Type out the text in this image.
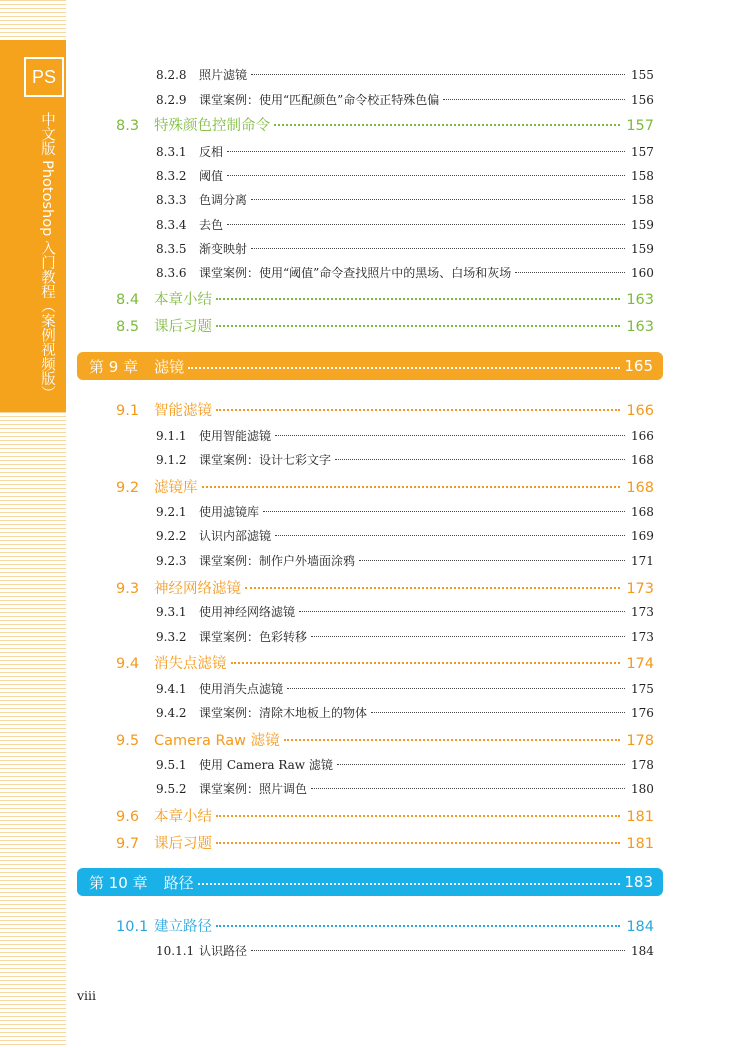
PS
中文版 Photoshop 入门教程（案例视频版）
8.2.8	照片滤镜	155
8.2.9	课堂案例：使用“匹配颜色”命令校正特殊色偏	156
8.3	特殊颜色控制命令	157
8.3.1	反相	157
8.3.2	阈值	158
8.3.3	色调分离	158
8.3.4	去色	159
8.3.5	渐变映射	159
8.3.6	课堂案例：使用“阈值”命令查找照片中的黑场、白场和灰场	160
8.4	本章小结	163
8.5	课后习题	163
第 9 章 滤镜	165
9.1	智能滤镜	166
9.1.1	使用智能滤镜	166
9.1.2	课堂案例：设计七彩文字	168
9.2	滤镜库	168
9.2.1	使用滤镜库	168
9.2.2	认识内部滤镜	169
9.2.3	课堂案例：制作户外墙面涂鸦	171
9.3	神经网络滤镜	173
9.3.1	使用神经网络滤镜	173
9.3.2	课堂案例：色彩转移	173
9.4	消失点滤镜	174
9.4.1	使用消失点滤镜	175
9.4.2	课堂案例：清除木地板上的物体	176
9.5	Camera Raw 滤镜	178
9.5.1	使用 Camera Raw 滤镜	178
9.5.2	课堂案例：照片调色	180
9.6	本章小结	181
9.7	课后习题	181
第 10 章 路径	183
10.1 建立路径	184
10.1.1 认识路径	184
viii
